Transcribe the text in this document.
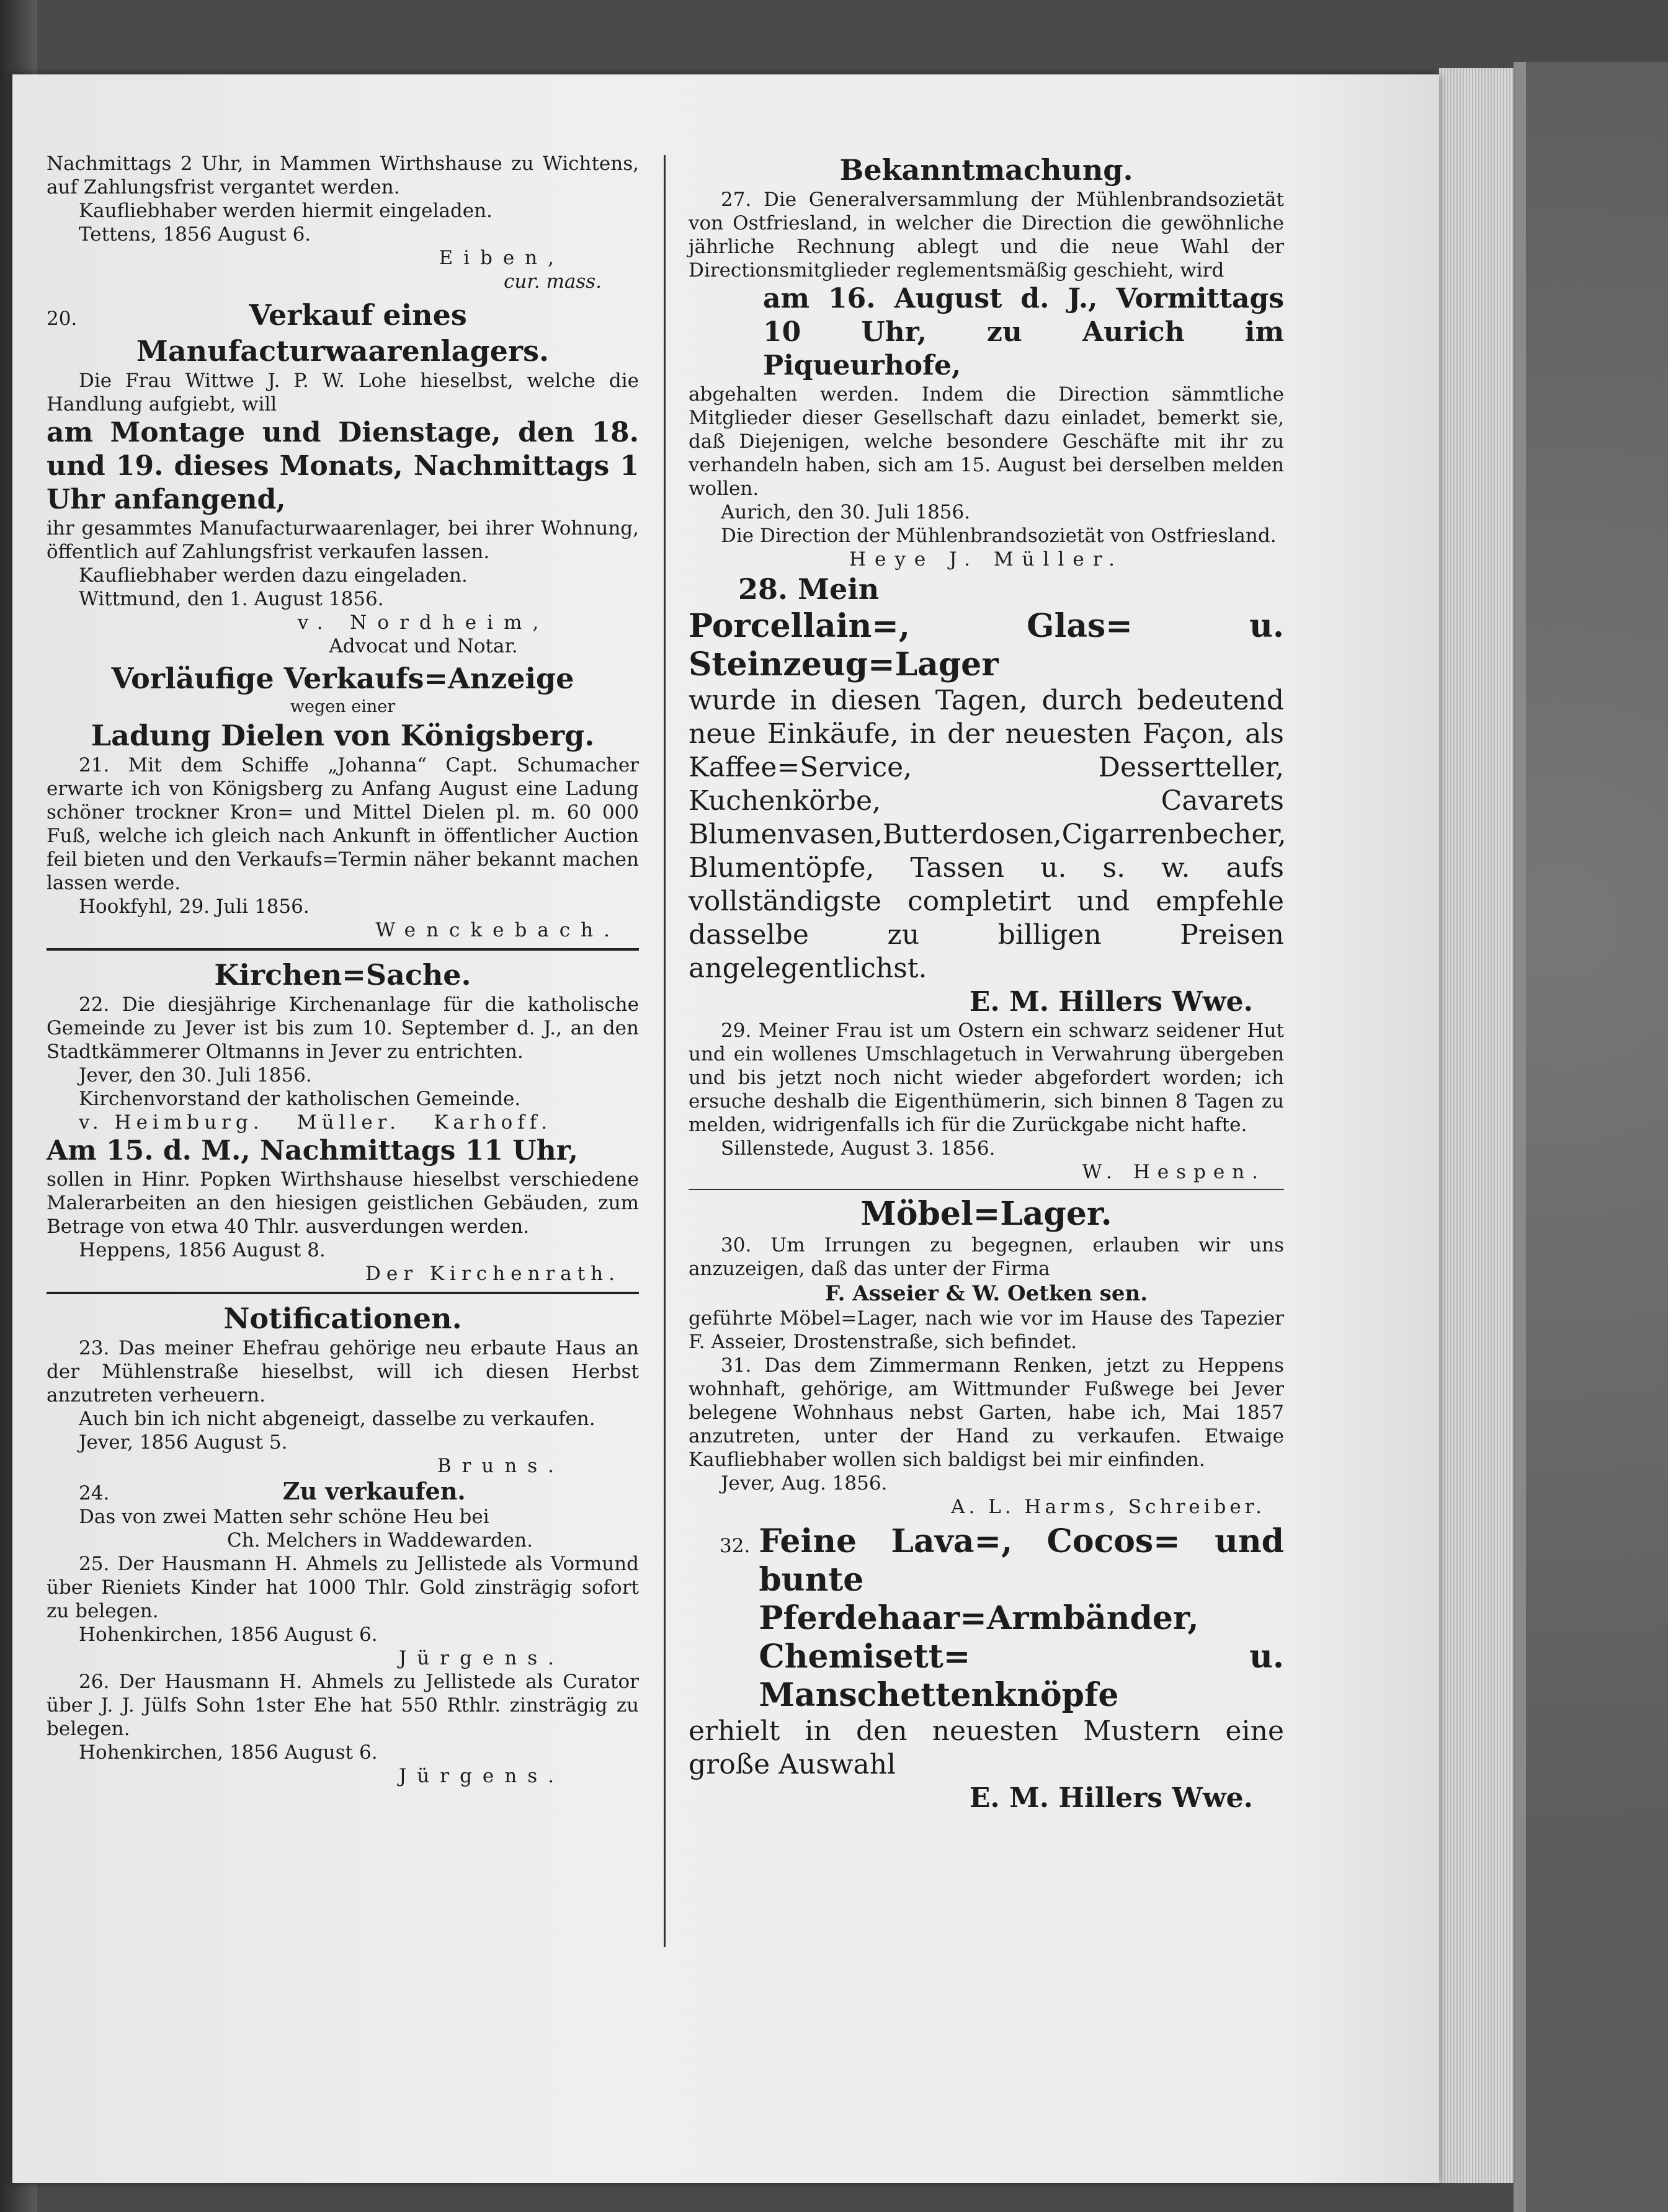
Nachmittags 2 Uhr, in Mammen Wirthshause zu Wichtens, auf Zahlungsfrist vergantet werden.

Kaufliebhaber werden hiermit eingeladen.

Tettens, 1856 August 6.

Eiben,

cur. mass.

20.	Verkauf eines

Manufacturwaarenlagers.

Die Frau Wittwe J. P. W. Lohe hieselbst, welche die Handlung aufgiebt, will

am Montage und Dienstage, den 18. und 19. dieses Monats, Nachmittags 1 Uhr anfangend,

ihr gesammtes Manufacturwaarenlager, bei ihrer Wohnung, öffentlich auf Zahlungsfrist verkaufen lassen.

Kaufliebhaber werden dazu eingeladen.

Wittmund, den 1. August 1856.

v. Nordheim,

Advocat und Notar.

Vorläufige Verkaufs=Anzeige

wegen einer

Ladung Dielen von Königsberg.

21. Mit dem Schiffe „Johanna“ Capt. Schumacher erwarte ich von Königsberg zu Anfang August eine Ladung schöner trockner Kron= und Mittel Dielen pl. m. 60 000 Fuß, welche ich gleich nach Ankunft in öffentlicher Auction feil bieten und den Verkaufs=Termin näher bekannt machen lassen werde.

Hookfyhl, 29. Juli 1856.

Wenckebach.

Kirchen=Sache.

22. Die diesjährige Kirchenanlage für die katholische Gemeinde zu Jever ist bis zum 10. September d. J., an den Stadtkämmerer Oltmanns in Jever zu entrichten.

Jever, den 30. Juli 1856.

Kirchenvorstand der katholischen Gemeinde.

v. Heimburg. Müller. Karhoff.

Am 15. d. M., Nachmittags 11 Uhr,

sollen in Hinr. Popken Wirthshause hieselbst verschiedene Malerarbeiten an den hiesigen geistlichen Gebäuden, zum Betrage von etwa 40 Thlr. ausverdungen werden.

Heppens, 1856 August 8.

Der Kirchenrath.

Notificationen.

23. Das meiner Ehefrau gehörige neu erbaute Haus an der Mühlenstraße hieselbst, will ich diesen Herbst anzutreten verheuern.

Auch bin ich nicht abgeneigt, dasselbe zu verkaufen.

Jever, 1856 August 5.

Bruns.

24.	Zu verkaufen.

Das von zwei Matten sehr schöne Heu bei

Ch. Melchers in Waddewarden.

25. Der Hausmann H. Ahmels zu Jellistede als Vormund über Rieniets Kinder hat 1000 Thlr. Gold zinsträgig sofort zu belegen.

Hohenkirchen, 1856 August 6.

Jürgens.

26. Der Hausmann H. Ahmels zu Jellistede als Curator über J. J. Jülfs Sohn 1ster Ehe hat 550 Rthlr. zinsträgig zu belegen.

Hohenkirchen, 1856 August 6.

Jürgens.

Bekanntmachung.

27. Die Generalversammlung der Mühlenbrandsozietät von Ostfriesland, in welcher die Direction die gewöhnliche jährliche Rechnung ablegt und die neue Wahl der Directionsmitglieder reglementsmäßig geschieht, wird

am 16. August d. J., Vormittags 10 Uhr, zu Aurich im Piqueurhofe,

abgehalten werden. Indem die Direction sämmtliche Mitglieder dieser Gesellschaft dazu einladet, bemerkt sie, daß Diejenigen, welche besondere Geschäfte mit ihr zu verhandeln haben, sich am 15. August bei derselben melden wollen.

Aurich, den 30. Juli 1856.

Die Direction der Mühlenbrandsozietät von Ostfriesland.

Heye J. Müller.

28. Mein

Porcellain=, Glas= u. Steinzeug=Lager

wurde in diesen Tagen, durch bedeutend neue Einkäufe, in der neuesten Façon, als Kaffee=Service, Dessertteller, Kuchenkörbe, Cavarets Blumenvasen,Butterdosen,Cigarrenbecher, Blumentöpfe, Tassen u. s. w. aufs vollständigste completirt und empfehle dasselbe zu billigen Preisen angelegentlichst.

E. M. Hillers Wwe.

29. Meiner Frau ist um Ostern ein schwarz seidener Hut und ein wollenes Umschlagetuch in Verwahrung übergeben und bis jetzt noch nicht wieder abgefordert worden; ich ersuche deshalb die Eigenthümerin, sich binnen 8 Tagen zu melden, widrigenfalls ich für die Zurückgabe nicht hafte.

Sillenstede, August 3. 1856.

W. Hespen.

Möbel=Lager.

30. Um Irrungen zu begegnen, erlauben wir uns anzuzeigen, daß das unter der Firma

F. Asseier & W. Oetken sen.

geführte Möbel=Lager, nach wie vor im Hause des Tapezier F. Asseier, Drostenstraße, sich befindet.

31. Das dem Zimmermann Renken, jetzt zu Heppens wohnhaft, gehörige, am Wittmunder Fußwege bei Jever belegene Wohnhaus nebst Garten, habe ich, Mai 1857 anzutreten, unter der Hand zu verkaufen. Etwaige Kaufliebhaber wollen sich baldigst bei mir einfinden.

Jever, Aug. 1856.

A. L. Harms, Schreiber.

32. Feine Lava=, Cocos= und bunte Pferdehaar=Armbänder, Chemisett= u. Manschettenknöpfe

erhielt in den neuesten Mustern eine große Auswahl

E. M. Hillers Wwe.
